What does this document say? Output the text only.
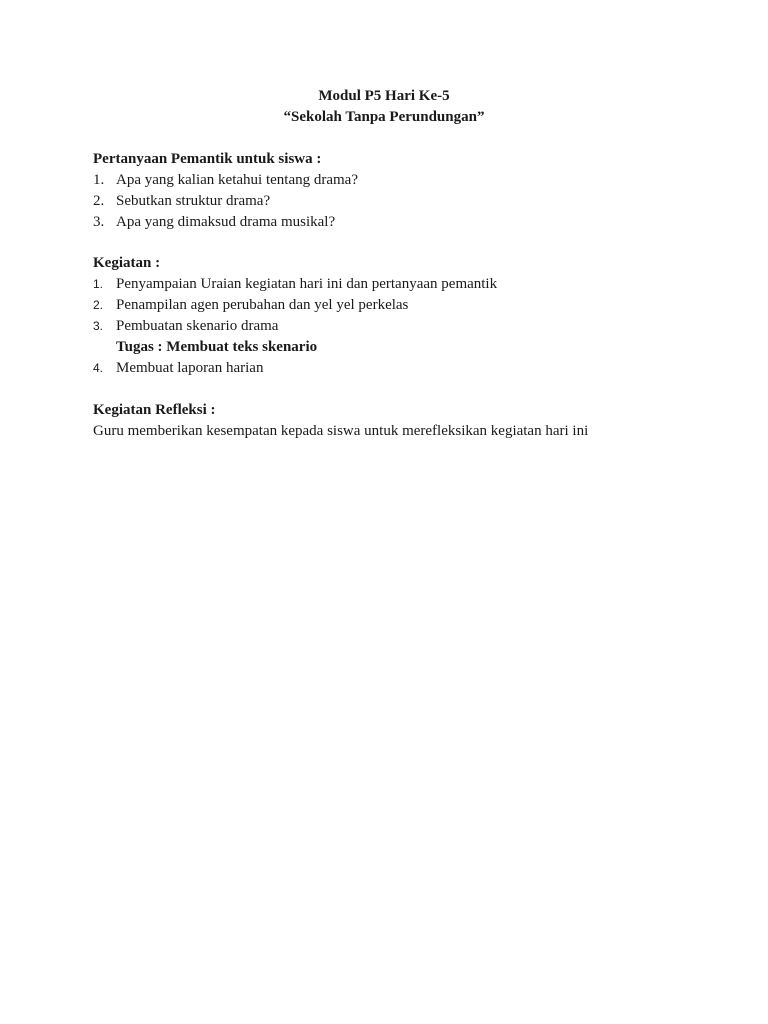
Modul P5 Hari Ke-5
“Sekolah Tanpa Perundungan”
Pertanyaan Pemantik untuk siswa :
1. Apa yang kalian ketahui tentang drama?
2. Sebutkan struktur drama?
3. Apa yang dimaksud drama musikal?
Kegiatan :
1. Penyampaian Uraian kegiatan hari ini dan pertanyaan pemantik
2. Penampilan agen perubahan dan yel yel perkelas
3. Pembuatan skenario drama
Tugas : Membuat teks skenario
4. Membuat laporan harian
Kegiatan Refleksi :
Guru memberikan kesempatan kepada siswa untuk merefleksikan kegiatan hari ini
